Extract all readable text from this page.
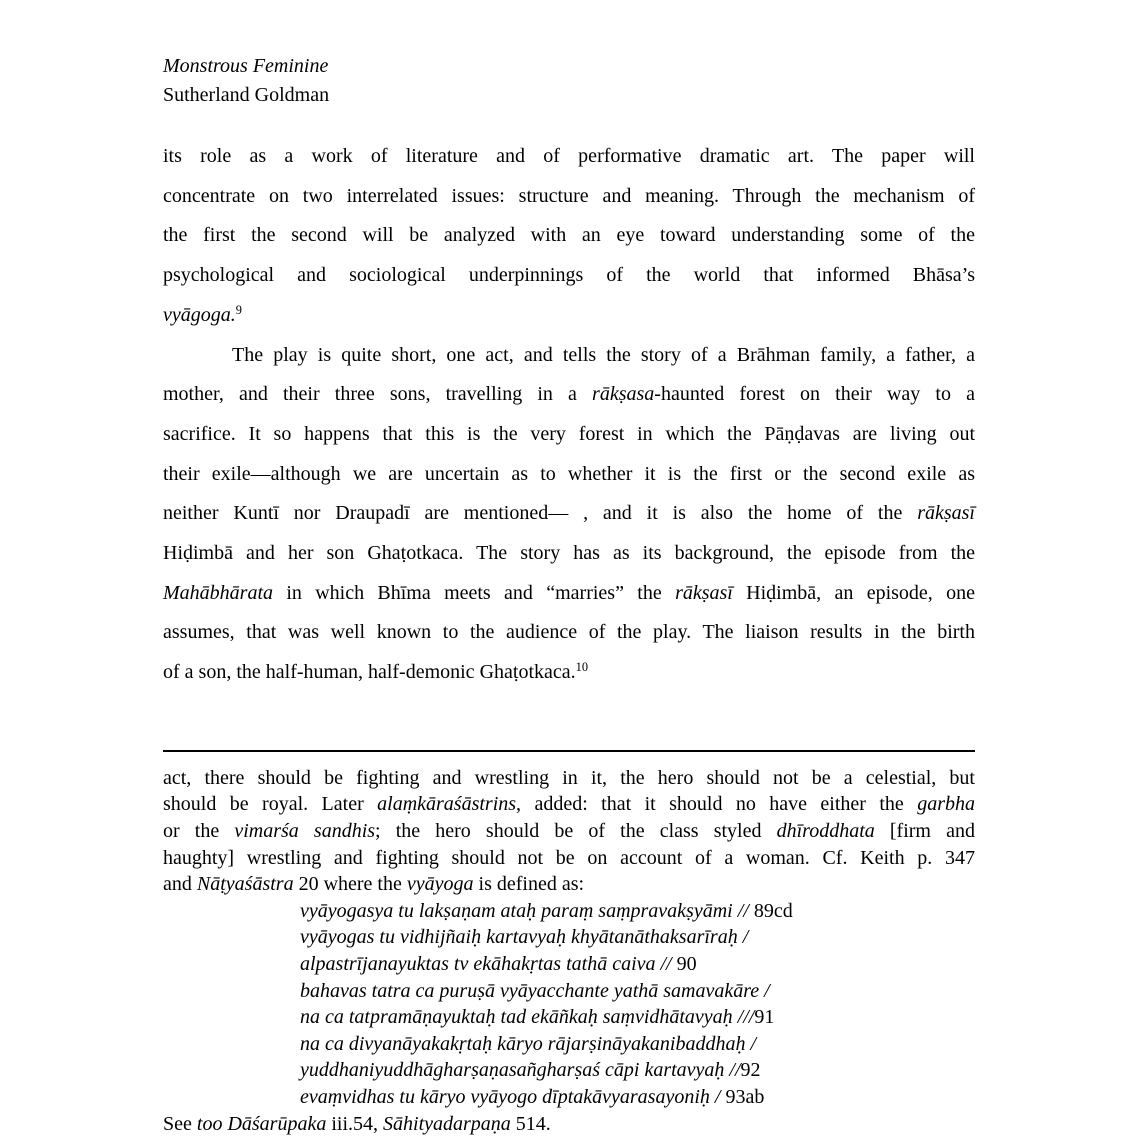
Monstrous Feminine
Sutherland Goldman
its role as a work of literature and of performative dramatic art. The paper will
concentrate on two interrelated issues: structure and meaning. Through the mechanism of
the first the second will be analyzed with an eye toward understanding some of the
psychological and sociological underpinnings of the world that informed Bhāsa’s
vyāgoga.$^9$
The play is quite short, one act, and tells the story of a Brāhman family, a father, a
mother, and their three sons, travelling in a rākṣasa-haunted forest on their way to a
sacrifice. It so happens that this is the very forest in which the Pāṇḍavas are living out
their exile—although we are uncertain as to whether it is the first or the second exile as
neither Kuntī nor Draupadī are mentioned— , and it is also the home of the rākṣasī
Hiḍimbā and her son Ghaṭotkaca. The story has as its background, the episode from the
Mahābhārata in which Bhīma meets and “marries” the rākṣasī Hiḍimbā, an episode, one
assumes, that was well known to the audience of the play. The liaison results in the birth
of a son, the half-human, half-demonic Ghaṭotkaca.$^{10}$
act, there should be fighting and wrestling in it, the hero should not be a celestial, but
should be royal. Later alaṃkāraśāstrins, added: that it should no have either the garbha
or the vimarśa sandhis; the hero should be of the class styled dhīroddhata [firm and
haughty] wrestling and fighting should not be on account of a woman. Cf. Keith p. 347
and Nāṭyaśāstra 20 where the vyāyoga is defined as:
vyāyogasya tu lakṣaṇam ataḥ paraṃ saṃpravakṣyāmi // 89cd
vyāyogas tu vidhijñaiḥ kartavyaḥ khyātanāthaksarīraḥ /
alpastrījanayuktas tv ekāhakṛtas tathā caiva // 90
bahavas tatra ca puruṣā vyāyacchante yathā samavakāre /
na ca tatpramāṇayuktaḥ tad ekāñkaḥ saṃvidhātavyaḥ ///91
na ca divyanāyakakṛtaḥ kāryo rājarṣināyakanibaddhaḥ /
yuddhaniyuddhāgharṣaṇasañgharṣaś cāpi kartavyaḥ //92
evaṃvidhas tu kāryo vyāyogo dīptakāvyarasayoniḥ / 93ab
See too Dāśarūpaka iii.54, Sāhityadarpaṇa 514.
